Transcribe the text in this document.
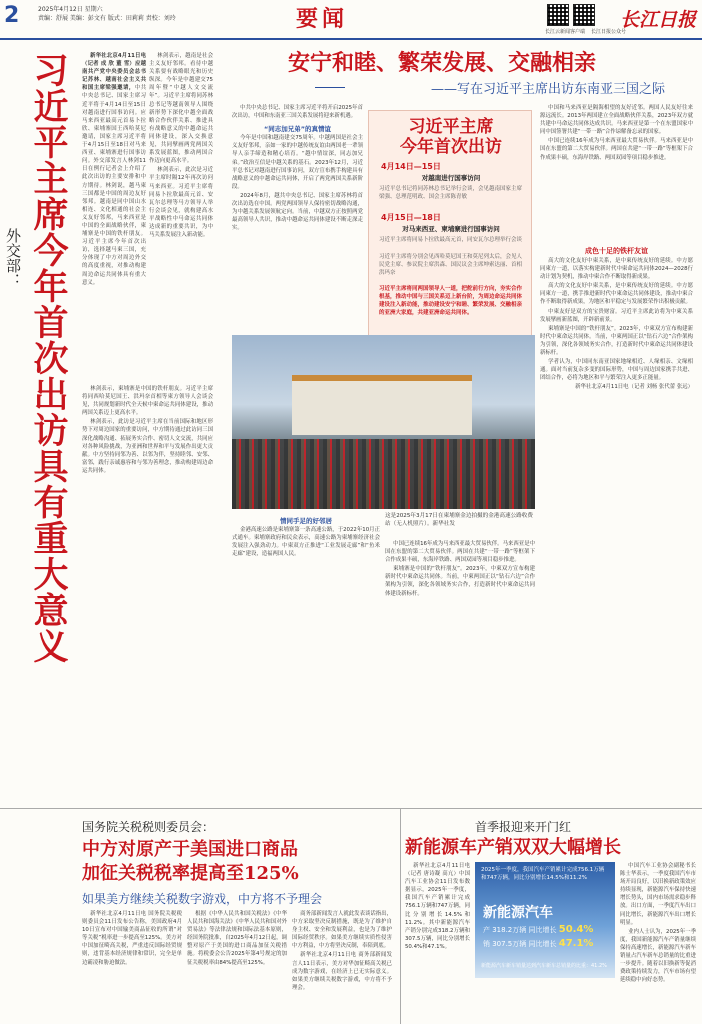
2	2025年4月12日 星期六
责编：舒展 美编：彭文有 版式：田莉莉 责校：刘玲	要闻	长江云新闻客户端 长江日报公众号
长江日报
习近平主席今年首次出访具有重大意义
外交部：

新华社北京4月11日电（记者 成 欣 董 雪）应越南共产党中央委员会总书记苏林、越南社会主义共和国主席梁强邀请，中共中央总书记、国家主席习近平将于4月14日至15日对越南进行国事访问。应马来西亚最高元首易卜拉欣、柬埔寨国王西哈莫尼邀请，国家主席习近平将于4月15日至18日对马来西亚、柬埔寨进行国事访问。外交部发言人林剑11日在例行记者会上介绍了此次出访的主要安排和中方期待。林剑说，越马柬三国都是中国的周边友好邻邦。越南是同中国山水相连、文化相通的社会主义友好邻邦，马来西亚是中国的全面战略伙伴，柬埔寨是中国的铁杆朋友。习近平主席今年首次出访，选择越马柬三国，充分体现了中方对周边外交的高度重视，对推动构建周边命运共同体具有重大意义。

林剑表示，越南是社会主义友好邻邦。看待中越关系要有战略眼光和历史纵深。今年是中越建交75周年暨“中越人文交流年”。习近平主席将同苏林总书记等越南领导人围绕新形势下深化中越全面战略合作伙伴关系、推进具有战略意义的中越命运共同体建设，深入交换意见，共同擘画两党两国关系发展蓝图，推动两国合作迈向更高水平。

林剑表示，此次是习近平主席时隔12年再次访问马来西亚。习近平主席将同易卜拉欣最高元首、安瓦尔总理等马方领导人举行会谈会见，就构建高水平战略性中马命运共同体达成新的重要共识，为中马关系发展注入新动能。

林剑表示，柬埔寨是中国的铁杆朋友。习近平主席将同西哈莫尼国王、洪玛奈首相等柬方领导人会谈会见，共同规划新时代全天候中柬命运共同体建设，推动两国关系迈上更高水平。

林剑表示，此访是习近平主席在当前国际和地区形势下对周边国家的重要访问，中方期待通过此访同三国深化战略沟通、拓展务实合作、密切人文交流，共同应对各种风险挑战，为亚洲和世界和平与发展作出更大贡献。中方坚持同邻为善、以邻为伴，坚持睦邻、安邻、富邻，践行亲诚惠容和与邻为善理念，推动构建周边命运共同体。

安宁和睦、繁荣发展、交融相亲
——写在习近平主席出访东南亚三国之际

中共中央总书记、国家主席习近平将开启2025年首次出访，中国和东南亚三国关系发展将迎来新机遇。

“同志加兄弟”的真情谊

今年是中国和越南建交75周年。中越两国是社会主义友好邻邦，亲如一家的中越传统友谊由两国老一辈领导人亲手缔造和精心培育。“越中情谊深，同志加兄弟。”政治互信是中越关系的基石。2023年12月，习近平总书记对越南进行国事访问，双方宣布携手构建具有战略意义的中越命运共同体，开启了两党两国关系新阶段。

2024年8月，越共中央总书记、国家主席苏林将首次出访选在中国。两党两国领导人保持密切战略沟通，为中越关系发展领航定向。当前，中越双方正按照两党最高领导人共识，推动中越命运共同体建设不断走深走实。

习近平主席
今年首次出访
4月14日—15日
对越南进行国事访问
习近平总书记将同苏林总书记举行会谈，会见越南国家主席梁强、总理范明政、国会主席陈青敏
4月15日—18日
对马来西亚、柬埔寨进行国事访问
习近平主席将同易卜拉欣最高元首，同安瓦尔总理举行会谈
习近平主席将分别会见西哈莫尼国王和莫尼列太后，会见人民党主席、参议院主席洪森、国民议会主席坤索达丽、首相洪玛奈
习近平主席将同两国领导人一道，把舵前行方向，夯实合作根基，推动中国与三国关系迈上新台阶，为周边命运共同体建设注入新动能，推动建设安宁和睦、繁荣发展、交融相亲的亚洲大家庭，共建亚洲命运共同体。

中国和马来西亚是隔海相望的友好近邻。两国人民友好往来源远流长。2013年两国建立全面战略伙伴关系，2023年双方就共建中马命运共同体达成共识。马来西亚是第一个在东盟国家中同中国签署共建“一带一路”合作谅解备忘录的国家。

中国已连续16年成为马来西亚最大贸易伙伴。马来西亚是中国在东盟的第二大贸易伙伴。两国在共建“一带一路”等框架下合作成果丰硕，东海岸铁路、两国双园等项目稳步推进。

成色十足的铁杆友谊

高大的文化友好中柬关系，是中柬传统友好的延续。中方愿同柬方一道，以落实构建新时代中柬命运共同体2024—2028行动计划为契机，推动中柬合作不断取得新成果。

高大的文化友好中柬关系，是中柬传统友好的延续。中方愿同柬方一道，携手推进新时代中柬命运共同体建设，推动中柬合作不断取得新成果，为地区和平稳定与发展繁荣作出积极贡献。

中柬友好是双方的宝贵财富。习近平主席此访将为中柬关系发展擘画新蓝图，开辟新前景。

柬埔寨是中国的“铁杆朋友”。2023年，中柬双方宣布构建新时代中柬命运共同体。当前，中柬两国正以“钻石六边”合作架构为引领，深化各领域务实合作，打造新时代中柬命运共同体建设新标杆。

学者认为，中国同东南亚国家地缘相近、人缘相亲、文缘相通。面对当前复杂多变的国际形势，中国与周边国家携手共进、团结合作，必将为地区和平与繁荣注入更多正能量。

新华社北京4月11日电（记者 刘杨 张代蕾 张远）

这是2025年3月17日在柬埔寨金边拍摄的金港高速公路收费站（无人机照片）。新华社发

情同手足的好邻居

金港高速公路是柬埔寨第一条高速公路，于2022年10月正式通车。柬埔寨政府和民众表示，高速公路为柬埔寨经济社会发展注入强劲动力。中柬双方正推进“工业发展走廊”和“鱼米走廊”建设，造福两国人民。

中国已连续16年成为马来西亚最大贸易伙伴。马来西亚是中国在东盟的第二大贸易伙伴。两国在共建“一带一路”等框架下合作成果丰硕，东海岸铁路、两国双园等项目稳步推进。

柬埔寨是中国的“铁杆朋友”。2023年，中柬双方宣布构建新时代中柬命运共同体。当前，中柬两国正以“钻石六边”合作架构为引领，深化各领域务实合作，打造新时代中柬命运共同体建设新标杆。

国务院关税税则委员会：
中方对原产于美国进口商品
加征关税税率提高至125%
如果美方继续关税数字游戏，中方将不予理会

新华社北京4月11日电 国务院关税税则委员会11日发布公告称，美国政府4月10日宣布对中国输美商品征收的所谓“对等关税”税率进一步提高至125%。美方对中国加征畸高关税，严重违反国际经贸规则，违背基本经济规律和常识，完全是单边霸凌和胁迫做法。

根据《中华人民共和国关税法》《中华人民共和国海关法》《中华人民共和国对外贸易法》等法律法规和国际法基本原则，经国务院批准，自2025年4月12日起，调整对原产于美国的进口商品加征关税措施。将税委会公告2025年第4号规定的加征关税税率由84%提高至125%。

商务部新闻发言人就此发表谈话指出，中方采取坚决反制措施，既是为了维护自身主权、安全和发展利益，也是为了维护国际经贸秩序。如果美方继续实质性侵害中方利益，中方将坚决反制，奉陪到底。

新华社北京4月11日电 商务部新闻发言人11日表示，美方对华加征畸高关税已成为数字游戏，在经济上已无实际意义。如果美方继续关税数字游戏，中方将不予理会。

首季报迎来开门红
新能源车产销双双大幅增长
2025年一季度，我国汽车产销累计完成756.1万辆和747万辆，同比分别增长14.5%和11.2%
新能源汽车
产 318.2万辆 同比增长 50.4%
销 307.5万辆 同比增长 47.1%
新能源汽车新车销量达到汽车新车总销量的比重：41.2%

新华社北京4月11日电（记者 唐诗凝 高亢）中国汽车工业协会11日发布数据显示，2025年一季度，我国汽车产销累计完成756.1万辆和747万辆，同比分别增长14.5%和11.2%。其中新能源汽车产销分别完成318.2万辆和307.5万辆，同比分别增长50.4%和47.1%。

中国汽车工业协会副秘书长陈士华表示，一季度我国汽车市场开局良好，以旧换新政策效应持续显现，新能源汽车保持快速增长势头，国内市场需求稳步释放。出口方面，一季度汽车出口同比增长，新能源汽车出口增长明显。

业内人士认为，2025年一季度，我国新能源汽车产销量继续保持高速增长，新能源汽车新车销量占汽车新车总销量的比重进一步提升。随着以旧换新等促消费政策持续发力，汽车市场有望延续稳中向好态势。
